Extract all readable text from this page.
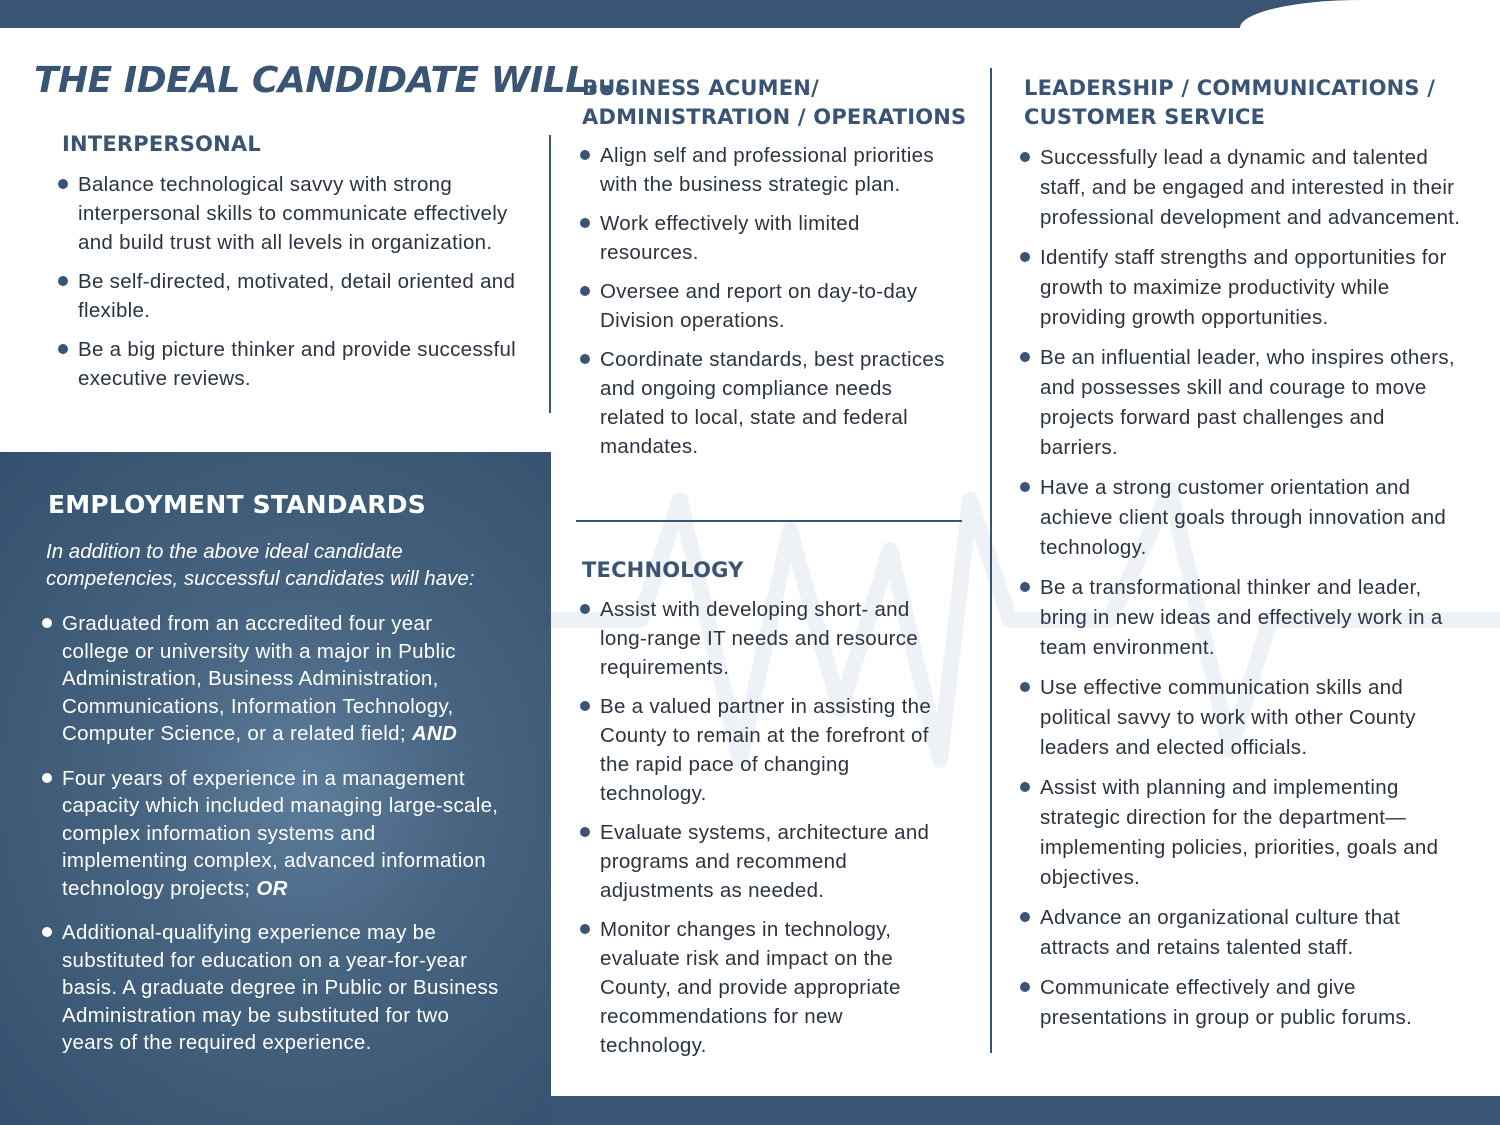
THE IDEAL CANDIDATE WILL...
INTERPERSONAL
Balance technological savvy with strong interpersonal skills to communicate effectively and build trust with all levels in organization.
Be self-directed, motivated, detail oriented and flexible.
Be a big picture thinker and provide successful executive reviews.
BUSINESS ACUMEN/
ADMINISTRATION / OPERATIONS
Align self and professional priorities with the business strategic plan.
Work effectively with limited resources.
Oversee and report on day-to-day Division operations.
Coordinate standards, best practices and ongoing compliance needs related to local, state and federal mandates.
TECHNOLOGY
Assist with developing short- and long-range IT needs and resource requirements.
Be a valued partner in assisting the County to remain at the forefront of the rapid pace of changing technology.
Evaluate systems, architecture and programs and recommend adjustments as needed.
Monitor changes in technology, evaluate risk and impact on the County, and provide appropriate recommendations for new technology.
LEADERSHIP / COMMUNICATIONS /
CUSTOMER SERVICE
Successfully lead a dynamic and talented staff, and be engaged and interested in their professional development and advancement.
Identify staff strengths and opportunities for growth to maximize productivity while providing growth opportunities.
Be an influential leader, who inspires others, and possesses skill and courage to move projects forward past challenges and barriers.
Have a strong customer orientation and achieve client goals through innovation and technology.
Be a transformational thinker and leader, bring in new ideas and effectively work in a team environment.
Use effective communication skills and political savvy to work with other County leaders and elected officials.
Assist with planning and implementing strategic direction for the department—implementing policies, priorities, goals and objectives.
Advance an organizational culture that attracts and retains talented staff.
Communicate effectively and give presentations in group or public forums.
EMPLOYMENT STANDARDS

In addition to the above ideal candidate competencies, successful candidates will have:

Graduated from an accredited four year college or university with a major in Public Administration, Business Administration, Communications, Information Technology, Computer Science, or a related field; AND
Four years of experience in a management capacity which included managing large-scale, complex information systems and implementing complex, advanced information technology projects; OR
Additional-qualifying experience may be substituted for education on a year-for-year basis. A graduate degree in Public or Business Administration may be substituted for two years of the required experience.
